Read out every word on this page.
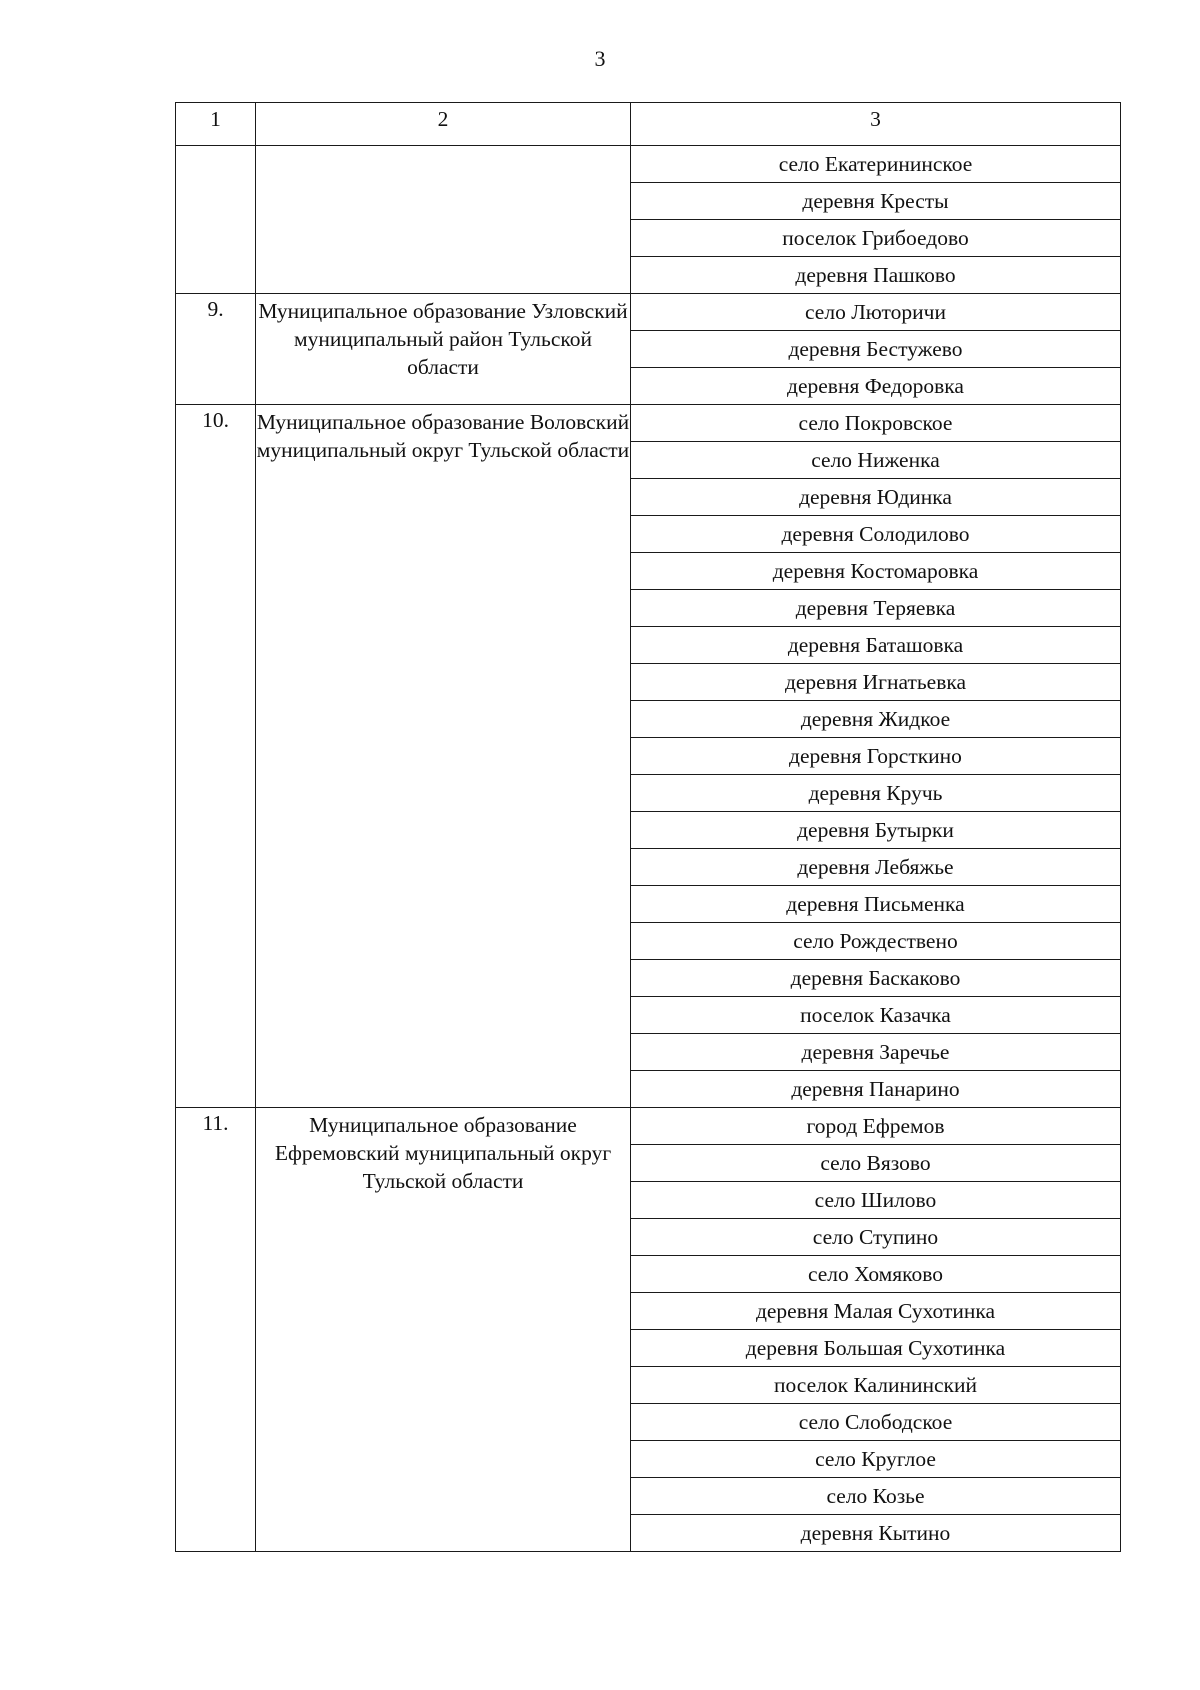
3
1	2	3
		село Екатерининское
		деревня Кресты
		поселок Грибоедово
		деревня Пашково
9.	Муниципальное образование Узловский муниципальный район Тульской области	село Люторичи
		деревня Бестужево
		деревня Федоровка
10.	Муниципальное образование Воловский муниципальный округ Тульской области	село Покровское
		село Ниженка
		деревня Юдинка
		деревня Солодилово
		деревня Костомаровка
		деревня Теряевка
		деревня Баташовка
		деревня Игнатьевка
		деревня Жидкое
		деревня Горсткино
		деревня Кручь
		деревня Бутырки
		деревня Лебяжье
		деревня Письменка
		село Рождествено
		деревня Баскаково
		поселок Казачка
		деревня Заречье
		деревня Панарино
11.	Муниципальное образование Ефремовский муниципальный округ Тульской области	город Ефремов
		село Вязово
		село Шилово
		село Ступино
		село Хомяково
		деревня Малая Сухотинка
		деревня Большая Сухотинка
		поселок Калининский
		село Слободское
		село Круглое
		село Козье
		деревня Кытино
